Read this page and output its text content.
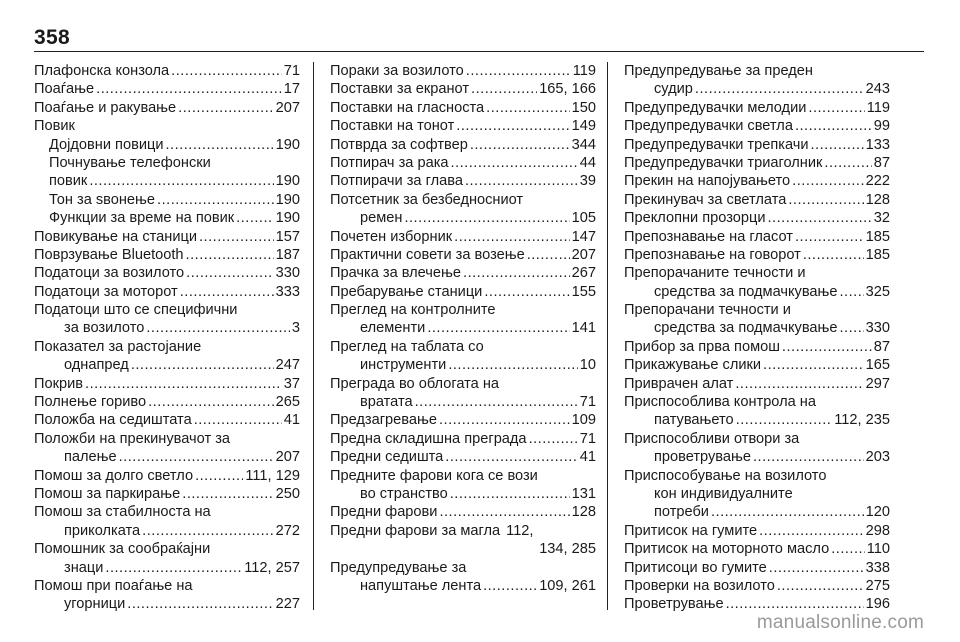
358
Плафонска конзола .....	71
Поаѓање .....	17
Поаѓање и ракување .....	207
Повик
Дојдовни повици .....	190
Почнување телефонски
повик .....	190
Тон за ѕвонење .....	190
Функции за време на повик .....	190
Повикување на станици .....	157
Поврзување Bluetooth .....	187
Податоци за возилото .....	330
Податоци за моторот .....	333
Податоци што се специфични
за возилото .....	3
Показател за растојание
однапред .....	247
Покрив .....	37
Полнење гориво .....	265
Положба на седиштата .....	41
Положби на прекинувачот за
палење .....	207
Помош за долго светло .....	111, 129
Помош за паркирање .....	250
Помош за стабилноста на
приколката .....	272
Помошник за сообраќајни
знаци .....	112, 257
Помош при поаѓање на
угорници .....	227
Пораки за возилото .....	119
Поставки за екранот .....	165, 166
Поставки на гласноста .....	150
Поставки на тонот .....	149
Потврда за софтвер .....	344
Потпирач за рака .....	44
Потпирачи за глава .....	39
Потсетник за безбедносниот
ремен .....	105
Почетен изборник .....	147
Практични совети за возење .....	207
Прачка за влечење .....	267
Пребарување станици .....	155
Преглед на контролните
елементи .....	141
Преглед на таблата со
инструменти .....	10
Преграда во облогата на
вратата .....	71
Предзагревање .....	109
Предна складишна преграда .....	71
Предни седишта .....	41
Предните фарови кога се вози
во странство .....	131
Предни фарови .....	128
Предни фарови за магла 112,
134, 285
Предупредување за
напуштање лента .....	109, 261
Предупредување за преден
судир .....	243
Предупредувачки мелодии .....	119
Предупредувачки светла .....	99
Предупредувачки трепкачи .....	133
Предупредувачки триаголник .....	87
Прекин на напојувањето .....	222
Прекинувач за светлата .....	128
Преклопни прозорци .....	32
Препознавање на гласот .....	185
Препознавање на говорот .....	185
Препорачаните течности и
средства за подмачкување ..... 325
Препорачани течности и
средства за подмачкување ..... 330
Прибор за прва помош .....	87
Прикажување слики .....	165
Приврачен алат .....	297
Приспособлива контрола на
патувањето .....	112, 235
Приспособливи отвори за
проветрување .....	203
Приспособување на возилото
кон индивидуалните
потреби .....	120
Притисок на гумите .....	298
Притисок на моторното масло .....	110
Притисоци во гумите .....	338
Проверки на возилото .....	275
Проветрување .....	196
manualsonline.com
